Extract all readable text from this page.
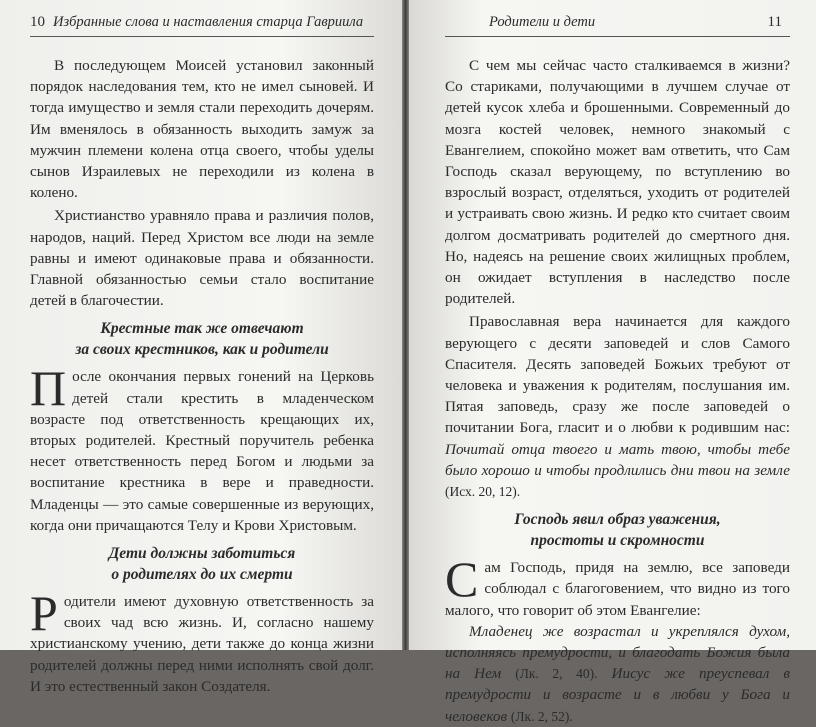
10 Избранные слова и наставления старца Гавриила

В последующем Моисей установил законный порядок наследования тем, кто не имел сыновей. И тогда имущество и земля стали переходить дочерям. Им вменялось в обязанность выходить замуж за мужчин племени колена отца своего, чтобы уделы сынов Израилевых не переходили из колена в колено.

Христианство уравняло права и различия полов, народов, наций. Перед Христом все люди на земле равны и имеют одинаковые права и обязанности. Главной обязанностью семьи стало воспитание детей в благочестии.

Крестные так же отвечают
за своих крестников, как и родители

После окончания первых гонений на Церковь детей стали крестить в младенческом возрасте под ответственность крещающих их, вторых родителей. Крестный поручитель ребенка несет ответственность перед Богом и людьми за воспитание крестника в вере и праведности. Младенцы — это самые совершенные из верующих, когда они причащаются Телу и Крови Христовым.

Дети должны заботиться
о родителях до их смерти

Родители имеют духовную ответственность за своих чад всю жизнь. И, согласно нашему христианскому учению, дети также до конца жизни родителей должны перед ними исполнять свой долг. И это естественный закон Создателя.

Родители и дети	11

С чем мы сейчас часто сталкиваемся в жизни? Со стариками, получающими в лучшем случае от детей кусок хлеба и брошенными. Современный до мозга костей человек, немного знакомый с Евангелием, спокойно может вам ответить, что Сам Господь сказал верующему, по вступлению во взрослый возраст, отделяться, уходить от родителей и устраивать свою жизнь. И редко кто считает своим долгом досматривать родителей до смертного дня. Но, надеясь на решение своих жилищных проблем, он ожидает вступления в наследство после родителей.

Православная вера начинается для каждого верующего с десяти заповедей и слов Самого Спасителя. Десять заповедей Божьих требуют от человека и уважения к родителям, послушания им. Пятая заповедь, сразу же после заповедей о почитании Бога, гласит и о любви к родившим нас: Почитай отца твоего и мать твою, чтобы тебе было хорошо и чтобы продлились дни твои на земле (Исх. 20, 12).

Господь явил образ уважения,
простоты и скромности

Сам Господь, придя на землю, все заповеди соблюдал с благоговением, что видно из того малого, что говорит об этом Евангелие:

Младенец же возрастал и укреплялся духом, исполняясь премудрости, и благодать Божия была на Нем (Лк. 2, 40). Иисус же преуспевал в премудрости и возрасте и в любви у Бога и человеков (Лк. 2, 52).
